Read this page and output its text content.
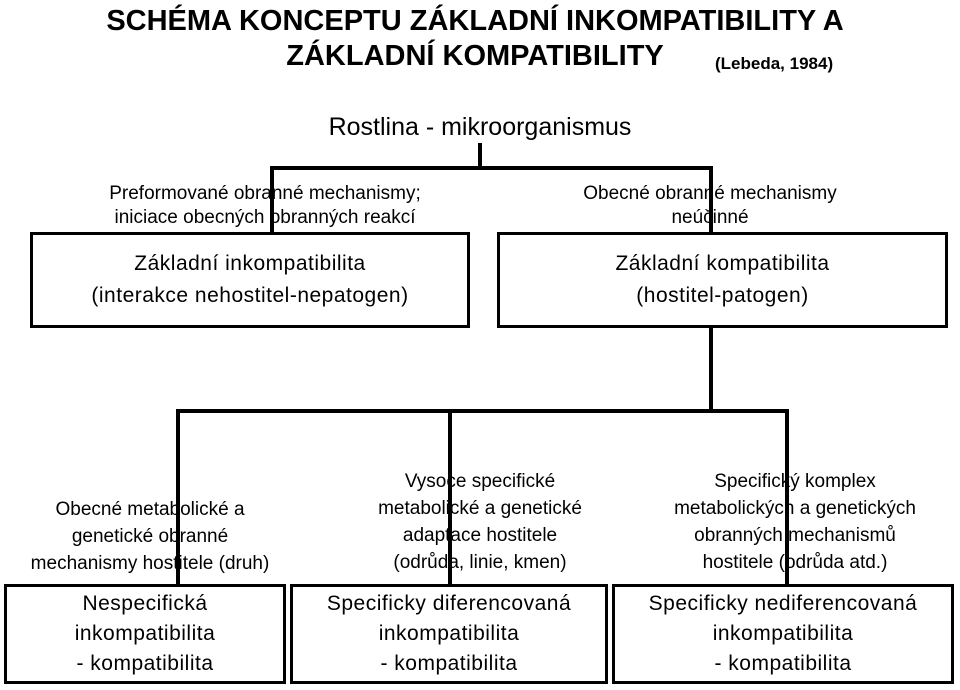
SCHÉMA KONCEPTU ZÁKLADNÍ INKOMPATIBILITY A
ZÁKLADNÍ KOMPATIBILITY	(Lebeda, 1984)
Rostlina - mikroorganismus
Preformované obranné mechanismy;
iniciace obecných obranných reakcí
Obecné obranné mechanismy
neúčinné
Základní inkompatibilita
(interakce nehostitel-nepatogen)
Základní kompatibilita
(hostitel-patogen)
Obecné metabolické a
genetické obranné
mechanismy hostitele (druh)
Vysoce specifické
metabolické a genetické
adaptace hostitele
(odrůda, linie, kmen)
Specifický komplex
metabolických a genetických
obranných mechanismů
hostitele (odrůda atd.)
Nespecifická
inkompatibilita
- kompatibilita
Specificky diferencovaná
inkompatibilita
- kompatibilita
Specificky nediferencovaná
inkompatibilita
- kompatibilita
